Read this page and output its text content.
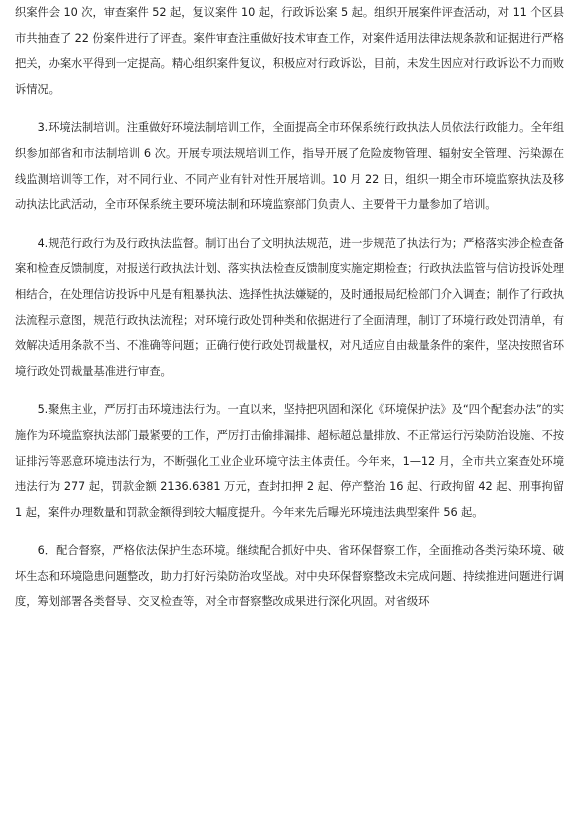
织案件会 10 次，审查案件 52 起，复议案件 10 起，行政诉讼案 5 起。组织开展案件评查活动，对 11 个区县市共抽查了 22 份案件进行了评查。案件审查注重做好技术审查工作，对案件适用法律法规条款和证据进行严格把关，办案水平得到一定提高。精心组织案件复议，积极应对行政诉讼，目前，未发生因应对行政诉讼不力而败诉情况。

3.环境法制培训。注重做好环境法制培训工作，全面提高全市环保系统行政执法人员依法行政能力。全年组织参加部省和市法制培训 6 次。开展专项法规培训工作，指导开展了危险废物管理、辐射安全管理、污染源在线监测培训等工作，对不同行业、不同产业有针对性开展培训。10 月 22 日，组织一期全市环境监察执法及移动执法比武活动，全市环保系统主要环境法制和环境监察部门负责人、主要骨干力量参加了培训。

4.规范行政行为及行政执法监督。制订出台了文明执法规范，进一步规范了执法行为；严格落实涉企检查备案和检查反馈制度，对报送行政执法计划、落实执法检查反馈制度实施定期检查；行政执法监管与信访投诉处理相结合，在处理信访投诉中凡是有粗暴执法、选择性执法嫌疑的，及时通报局纪检部门介入调查；制作了行政执法流程示意图，规范行政执法流程；对环境行政处罚种类和依据进行了全面清理，制订了环境行政处罚清单，有效解决适用条款不当、不准确等问题；正确行使行政处罚裁量权，对凡适应自由裁量条件的案件，坚决按照省环境行政处罚裁量基准进行审查。

5.聚焦主业，严厉打击环境违法行为。一直以来，坚持把巩固和深化《环境保护法》及“四个配套办法”的实施作为环境监察执法部门最紧要的工作，严厉打击偷排漏排、超标超总量排放、不正常运行污染防治设施、不按证排污等恶意环境违法行为，不断强化工业企业环境守法主体责任。今年来，1—12 月，全市共立案查处环境违法行为 277 起，罚款金额 2136.6381 万元，查封扣押 2 起、停产整治 16 起、行政拘留 42 起、刑事拘留 1 起，案件办理数量和罚款金额得到较大幅度提升。今年来先后曝光环境违法典型案件 56 起。

6．配合督察，严格依法保护生态环境。继续配合抓好中央、省环保督察工作，全面推动各类污染环境、破坏生态和环境隐患问题整改，助力打好污染防治攻坚战。对中央环保督察整改未完成问题、持续推进问题进行调度，筹划部署各类督导、交叉检查等，对全市督察整改成果进行深化巩固。对省级环
